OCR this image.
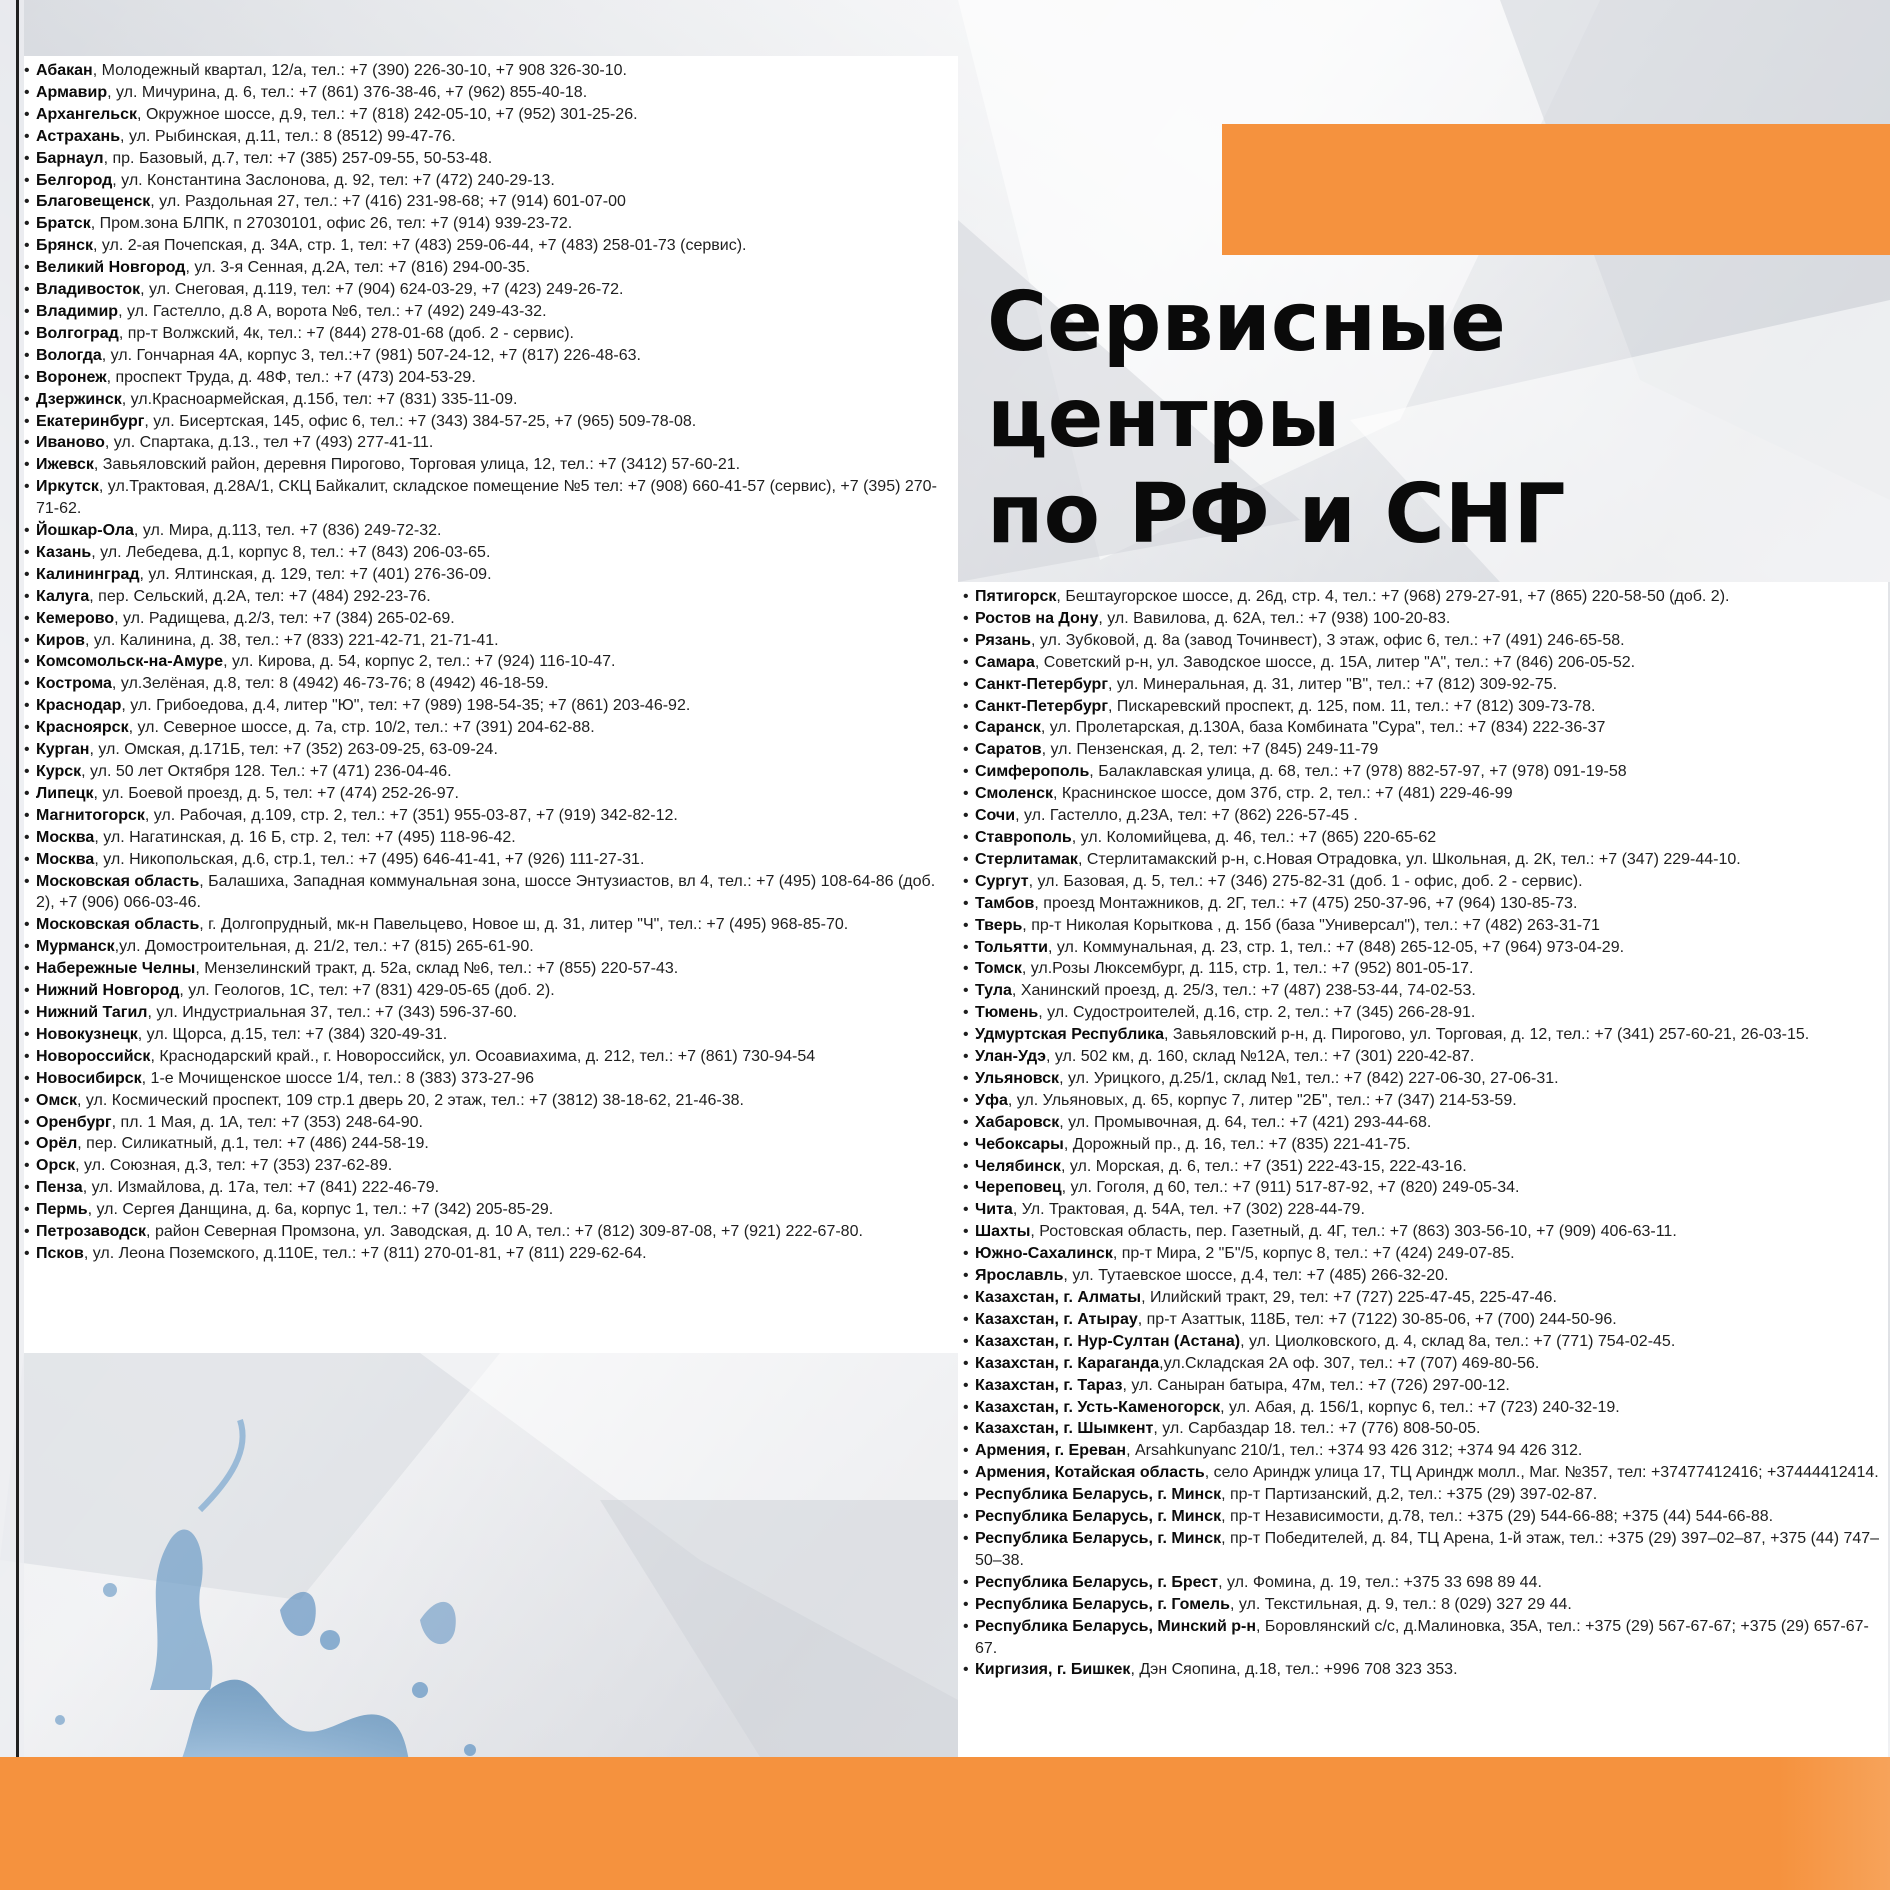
Сервисные центры
по РФ и СНГ
• Абакан, Молодежный квартал, 12/а, тел.: +7 (390) 226-30-10, +7 908 326-30-10.
• Армавир, ул. Мичурина, д. 6, тел.: +7 (861) 376-38-46, +7 (962) 855-40-18.
• Архангельск, Окружное шоссе, д.9, тел.: +7 (818) 242-05-10, +7 (952) 301-25-26.
• Астрахань, ул. Рыбинская, д.11, тел.: 8 (8512) 99-47-76.
• Барнаул, пр. Базовый, д.7, тел: +7 (385) 257-09-55, 50-53-48.
• Белгород, ул. Константина Заслонова, д. 92, тел: +7 (472) 240-29-13.
• Благовещенск, ул. Раздольная 27, тел.: +7 (416) 231-98-68; +7 (914) 601-07-00
• Братск, Пром.зона БЛПК, п 27030101, офис 26, тел: +7 (914) 939-23-72.
• Брянск, ул. 2-ая Почепская, д. 34А, стр. 1, тел: +7 (483) 259-06-44, +7 (483) 258-01-73 (сервис).
• Великий Новгород, ул. 3-я Сенная, д.2А, тел: +7 (816) 294-00-35.
• Владивосток, ул. Снеговая, д.119, тел: +7 (904) 624-03-29, +7 (423) 249-26-72.
• Владимир, ул. Гастелло, д.8 А, ворота №6, тел.: +7 (492) 249-43-32.
• Волгоград, пр-т Волжский, 4к, тел.: +7 (844) 278-01-68 (доб. 2 - сервис).
• Вологда, ул. Гончарная 4А, корпус 3, тел.:+7 (981) 507-24-12, +7 (817) 226-48-63.
• Воронеж, проспект Труда, д. 48Ф, тел.: +7 (473) 204-53-29.
• Дзержинск, ул.Красноармейская, д.15б, тел: +7 (831) 335-11-09.
• Екатеринбург, ул. Бисертская, 145, офис 6, тел.: +7 (343) 384-57-25, +7 (965) 509-78-08.
• Иваново, ул. Спартака, д.13., тел +7 (493) 277-41-11.
• Ижевск, Завьяловский район, деревня Пирогово, Торговая улица, 12, тел.: +7 (3412) 57-60-21.
• Иркутск, ул.Трактовая, д.28А/1, СКЦ Байкалит, складское помещение №5 тел: +7 (908) 660-41-57 (сервис), +7 (395) 270-71-62.
• Йошкар-Ола, ул. Мира, д.113, тел. +7 (836) 249-72-32.
• Казань, ул. Лебедева, д.1, корпус 8, тел.: +7 (843) 206-03-65.
• Калининград, ул. Ялтинская, д. 129, тел: +7 (401) 276-36-09.
• Калуга, пер. Сельский, д.2А, тел: +7 (484) 292-23-76.
• Кемерово, ул. Радищева, д.2/3, тел: +7 (384) 265-02-69.
• Киров, ул. Калинина, д. 38, тел.: +7 (833) 221-42-71, 21-71-41.
• Комсомольск-на-Амуре, ул. Кирова, д. 54, корпус 2, тел.: +7 (924) 116-10-47.
• Кострома, ул.Зелёная, д.8, тел: 8 (4942) 46-73-76; 8 (4942) 46-18-59.
• Краснодар, ул. Грибоедова, д.4, литер "Ю", тел: +7 (989) 198-54-35; +7 (861) 203-46-92.
• Красноярск, ул. Северное шоссе, д. 7а, стр. 10/2, тел.: +7 (391) 204-62-88.
• Курган, ул. Омская, д.171Б, тел: +7 (352) 263-09-25, 63-09-24.
• Курск, ул. 50 лет Октября 128. Тел.: +7 (471) 236-04-46.
• Липецк, ул. Боевой проезд, д. 5, тел: +7 (474) 252-26-97.
• Магнитогорск, ул. Рабочая, д.109, стр. 2, тел.: +7 (351) 955-03-87, +7 (919) 342-82-12.
• Москва, ул. Нагатинская, д. 16 Б, стр. 2, тел: +7 (495) 118-96-42.
• Москва, ул. Никопольская, д.6, стр.1, тел.: +7 (495) 646-41-41, +7 (926) 111-27-31.
• Московская область, Балашиха, Западная коммунальная зона, шоссе Энтузиастов, вл 4, тел.: +7 (495) 108-64-86 (доб. 2), +7 (906) 066-03-46.
• Московская область, г. Долгопрудный, мк-н Павельцево, Новое ш, д. 31, литер "Ч", тел.: +7 (495) 968-85-70.
• Мурманск,ул. Домостроительная, д. 21/2, тел.: +7 (815) 265-61-90.
• Набережные Челны, Мензелинский тракт, д. 52а, склад №6, тел.: +7 (855) 220-57-43.
• Нижний Новгород, ул. Геологов, 1С, тел: +7 (831) 429-05-65 (доб. 2).
• Нижний Тагил, ул. Индустриальная 37, тел.: +7 (343) 596-37-60.
• Новокузнецк, ул. Щорса, д.15, тел: +7 (384) 320-49-31.
• Новороссийск, Краснодарский край., г. Новороссийск, ул. Осоавиахима, д. 212, тел.: +7 (861) 730-94-54
• Новосибирск, 1-е Мочищенское шоссе 1/4, тел.: 8 (383) 373-27-96
• Омск, ул. Космический проспект, 109 стр.1 дверь 20, 2 этаж, тел.: +7 (3812) 38-18-62, 21-46-38.
• Оренбург, пл. 1 Мая, д. 1А, тел: +7 (353) 248-64-90.
• Орёл, пер. Силикатный, д.1, тел: +7 (486) 244-58-19.
• Орск, ул. Союзная, д.3, тел: +7 (353) 237-62-89.
• Пенза, ул. Измайлова, д. 17а, тел: +7 (841) 222-46-79.
• Пермь, ул. Сергея Данщина, д. 6а, корпус 1, тел.: +7 (342) 205-85-29.
• Петрозаводск, район Северная Промзона, ул. Заводская, д. 10 А, тел.: +7 (812) 309-87-08, +7 (921) 222-67-80.
• Псков, ул. Леона Поземского, д.110Е, тел.: +7 (811) 270-01-81, +7 (811) 229-62-64.
• Пятигорск, Бештаугорское шоссе, д. 26д, стр. 4, тел.: +7 (968) 279-27-91, +7 (865) 220-58-50 (доб. 2).
• Ростов на Дону, ул. Вавилова, д. 62А, тел.: +7 (938) 100-20-83.
• Рязань, ул. Зубковой, д. 8а (завод Точинвест), 3 этаж, офис 6, тел.: +7 (491) 246-65-58.
• Самара, Советский р-н, ул. Заводское шоссе, д. 15А, литер "А", тел.: +7 (846) 206-05-52.
• Санкт-Петербург, ул. Минеральная, д. 31, литер "В", тел.: +7 (812) 309-92-75.
• Санкт-Петербург, Пискаревский проспект, д. 125, пом. 11, тел.: +7 (812) 309-73-78.
• Саранск, ул. Пролетарская, д.130А, база Комбината "Сура", тел.: +7 (834) 222-36-37
• Саратов, ул. Пензенская, д. 2, тел: +7 (845) 249-11-79
• Симферополь, Балаклавская улица, д. 68, тел.: +7 (978) 882-57-97, +7 (978) 091-19-58
• Смоленск, Краснинское шоссе, дом 37б, стр. 2, тел.: +7 (481) 229-46-99
• Сочи, ул. Гастелло, д.23А, тел: +7 (862) 226-57-45 .
• Ставрополь, ул. Коломийцева, д. 46, тел.: +7 (865) 220-65-62
• Стерлитамак, Стерлитамакский р-н, с.Новая Отрадовка, ул. Школьная, д. 2К, тел.: +7 (347) 229-44-10.
• Сургут, ул. Базовая, д. 5, тел.: +7 (346) 275-82-31 (доб. 1 - офис, доб. 2 - сервис).
• Тамбов, проезд Монтажников, д. 2Г, тел.: +7 (475) 250-37-96, +7 (964) 130-85-73.
• Тверь, пр-т Николая Корыткова , д. 15б (база "Универсал"), тел.: +7 (482) 263-31-71
• Тольятти, ул. Коммунальная, д. 23, стр. 1, тел.: +7 (848) 265-12-05, +7 (964) 973-04-29.
• Томск, ул.Розы Люксембург, д. 115, стр. 1, тел.: +7 (952) 801-05-17.
• Тула, Ханинский проезд, д. 25/3, тел.: +7 (487) 238-53-44, 74-02-53.
• Тюмень, ул. Судостроителей, д.16, стр. 2, тел.: +7 (345) 266-28-91.
• Удмуртская Республика, Завьяловский р-н, д. Пирогово, ул. Торговая, д. 12, тел.: +7 (341) 257-60-21, 26-03-15.
• Улан-Удэ, ул. 502 км, д. 160, склад №12А, тел.: +7 (301) 220-42-87.
• Ульяновск, ул. Урицкого, д.25/1, склад №1, тел.: +7 (842) 227-06-30, 27-06-31.
• Уфа, ул. Ульяновых, д. 65, корпус 7, литер "2Б", тел.: +7 (347) 214-53-59.
• Хабаровск, ул. Промывочная, д. 64, тел.: +7 (421) 293-44-68.
• Чебоксары, Дорожный пр., д. 16, тел.: +7 (835) 221-41-75.
• Челябинск, ул. Морская, д. 6, тел.: +7 (351) 222-43-15, 222-43-16.
• Череповец, ул. Гоголя, д 60, тел.: +7 (911) 517-87-92, +7 (820) 249-05-34.
• Чита, Ул. Трактовая, д. 54А, тел. +7 (302) 228-44-79.
• Шахты, Ростовская область, пер. Газетный, д. 4Г, тел.: +7 (863) 303-56-10, +7 (909) 406-63-11.
• Южно-Сахалинск, пр-т Мира, 2 "Б"/5, корпус 8, тел.: +7 (424) 249-07-85.
• Ярославль, ул. Тутаевское шоссе, д.4, тел: +7 (485) 266-32-20.
• Казахстан, г. Алматы, Илийский тракт, 29, тел: +7 (727) 225-47-45, 225-47-46.
• Казахстан, г. Атырау, пр-т Азаттык, 118Б, тел: +7 (7122) 30-85-06, +7 (700) 244-50-96.
• Казахстан, г. Нур-Султан (Астана), ул. Циолковского, д. 4, склад 8а, тел.: +7 (771) 754-02-45.
• Казахстан, г. Караганда,ул.Складская 2А оф. 307, тел.: +7 (707) 469-80-56.
• Казахстан, г. Тараз, ул. Саныран батыра, 47м, тел.: +7 (726) 297-00-12.
• Казахстан, г. Усть-Каменогорск, ул. Абая, д. 156/1, корпус 6, тел.: +7 (723) 240-32-19.
• Казахстан, г. Шымкент, ул. Сарбаздар 18. тел.: +7 (776) 808-50-05.
• Армения, г. Ереван, Arsahkunyanc 210/1, тел.: +374 93 426 312; +374 94 426 312.
• Армения, Котайская область, село Ариндж улица 17, ТЦ Ариндж молл., Маг. №357, тел: +37477412416; +37444412414.
• Республика Беларусь, г. Минск, пр-т Партизанский, д.2, тел.: +375 (29) 397-02-87.
• Республика Беларусь, г. Минск, пр-т Независимости, д.78, тел.: +375 (29) 544-66-88; +375 (44) 544-66-88.
• Республика Беларусь, г. Минск, пр-т Победителей, д. 84, ТЦ Арена, 1-й этаж, тел.: +375 (29) 397–02–87, +375 (44) 747–50–38.
• Республика Беларусь, г. Брест, ул. Фомина, д. 19, тел.: +375 33 698 89 44.
• Республика Беларусь, г. Гомель, ул. Текстильная, д. 9, тел.: 8 (029) 327 29 44.
• Республика Беларусь, Минский р-н, Боровлянский с/с, д.Малиновка, 35А, тел.: +375 (29) 567-67-67; +375 (29) 657-67-67.
• Киргизия, г. Бишкек, Дэн Сяопина, д.18, тел.: +996 708 323 353.
